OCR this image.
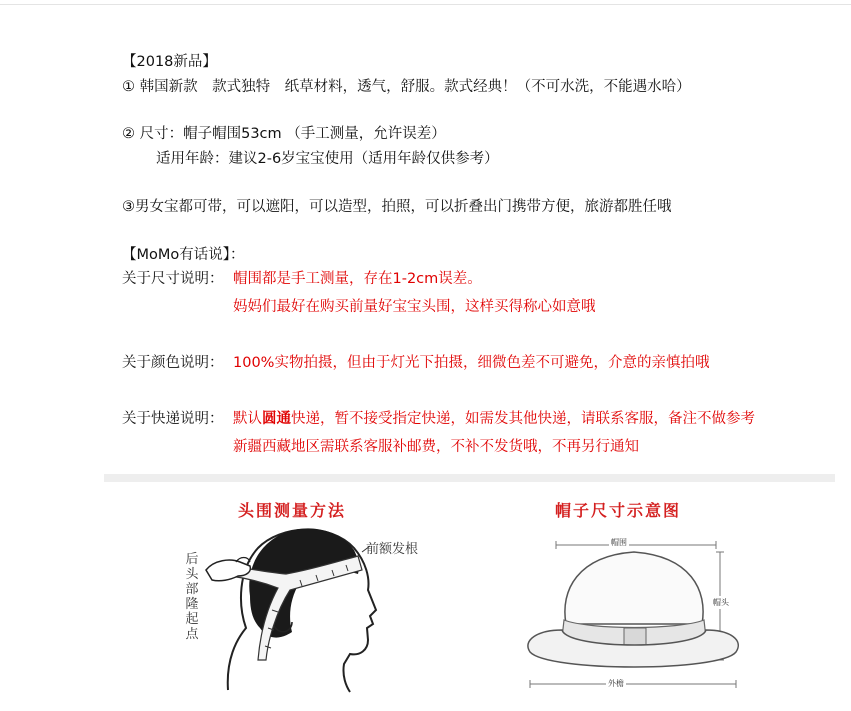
【2018新品】
① 韩国新款　款式独特　纸草材料，透气，舒服。款式经典！（不可水洗，不能遇水哈）
② 尺寸：帽子帽围53cm （手工测量，允许误差）
适用年龄：建议2-6岁宝宝使用（适用年龄仅供参考）
③男女宝都可带，可以遮阳，可以造型，拍照，可以折叠出门携带方便，旅游都胜任哦
【MoMo有话说】：
关于尺寸说明： 帽围都是手工测量，存在1-2cm误差。
妈妈们最好在购买前量好宝宝头围，这样买得称心如意哦
关于颜色说明： 100%实物拍摄，但由于灯光下拍摄，细微色差不可避免，介意的亲慎拍哦
关于快递说明： 默认圆通快递，暂不接受指定快递，如需发其他快递，请联系客服，备注不做参考
新疆西藏地区需联系客服补邮费，不补不发货哦，不再另行通知
头围测量方法
后头部隆起点
前额发根
帽子尺寸示意图
帽围
帽头
外檐
